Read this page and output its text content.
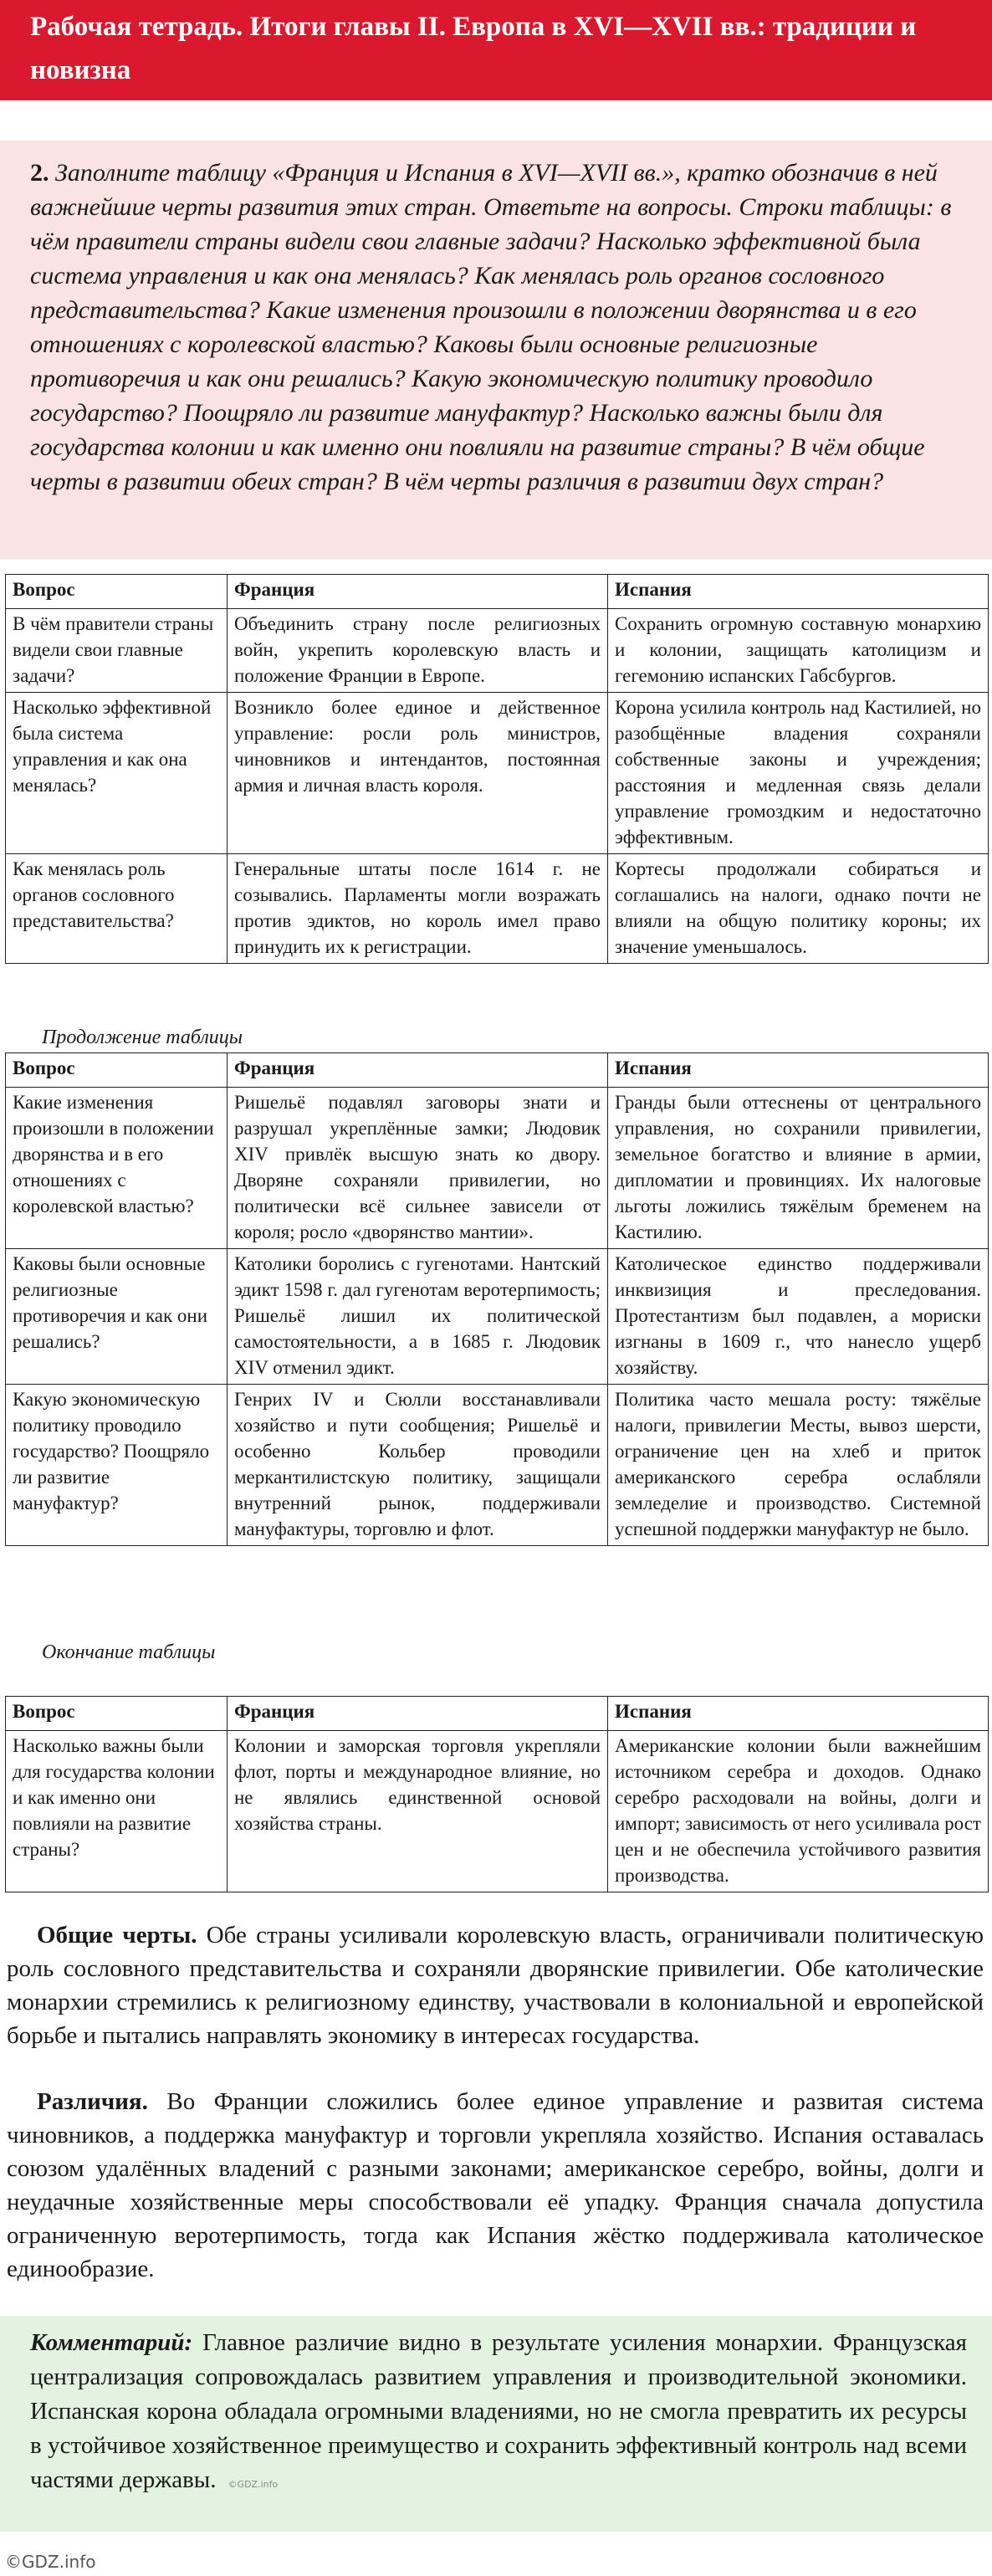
Рабочая тетрадь. Итоги главы II. Европа в XVI—XVII вв.: традиции и новизна
2. Заполните таблицу «Франция и Испания в XVI—XVII вв.», кратко обозначив в ней важнейшие черты развития этих стран. Ответьте на вопросы. Строки таблицы: в чём правители страны видели свои главные задачи? Насколько эффективной была система управления и как она менялась? Как менялась роль органов сословного представительства? Какие изменения произошли в положении дворянства и в его отношениях с королевской властью? Каковы были основные религиозные противоречия и как они решались? Какую экономическую политику проводило государство? Поощряло ли развитие мануфактур? Насколько важны были для государства колонии и как именно они повлияли на развитие страны? В чём общие черты в развитии обеих стран? В чём черты различия в развитии двух стран?
Вопрос	Франция	Испания
В чём правители страны видели свои главные задачи?	Объединить страну после религиозных войн, укрепить королевскую власть и положение Франции в Европе.	Сохранить огромную составную монархию и колонии, защищать католицизм и гегемонию испанских Габсбургов.
Насколько эффективной была система управления и как она менялась?	Возникло более единое и действенное управление: росли роль министров, чиновников и интендантов, постоянная армия и личная власть короля.	Корона усилила контроль над Кастилией, но разобщённые владения сохраняли собственные законы и учреждения; расстояния и медленная связь делали управление громоздким и недостаточно эффективным.
Как менялась роль органов сословного представительства?	Генеральные штаты после 1614 г. не созывались. Парламенты могли возражать против эдиктов, но король имел право принудить их к регистрации.	Кортесы продолжали собираться и соглашались на налоги, однако почти не влияли на общую политику короны; их значение уменьшалось.
Продолжение таблицы
Вопрос	Франция	Испания
Какие изменения произошли в положении дворянства и в его отношениях с королевской властью?	Ришельё подавлял заговоры знати и разрушал укреплённые замки; Людовик XIV привлёк высшую знать ко двору. Дворяне сохраняли привилегии, но политически всё сильнее зависели от короля; росло «дворянство мантии».	Гранды были оттеснены от центрального управления, но сохранили привилегии, земельное богатство и влияние в армии, дипломатии и провинциях. Их налоговые льготы ложились тяжёлым бременем на Кастилию.
Каковы были основные религиозные противоречия и как они решались?	Католики боролись с гугенотами. Нантский эдикт 1598 г. дал гугенотам веротерпимость; Ришельё лишил их политической самостоятельности, а в 1685 г. Людовик XIV отменил эдикт.	Католическое единство поддерживали инквизиция и преследования. Протестантизм был подавлен, а мориски изгнаны в 1609 г., что нанесло ущерб хозяйству.
Какую экономическую политику проводило государство? Поощряло ли развитие мануфактур?	Генрих IV и Сюлли восстанавливали хозяйство и пути сообщения; Ришельё и особенно Кольбер проводили меркантилистскую политику, защищали внутренний рынок, поддерживали мануфактуры, торговлю и флот.	Политика часто мешала росту: тяжёлые налоги, привилегии Месты, вывоз шерсти, ограничение цен на хлеб и приток американского серебра ослабляли земледелие и производство. Системной успешной поддержки мануфактур не было.
Окончание таблицы
Вопрос	Франция	Испания
Насколько важны были для государства колонии и как именно они повлияли на развитие страны?	Колонии и заморская торговля укрепляли флот, порты и международное влияние, но не являлись единственной основой хозяйства страны.	Американские колонии были важнейшим источником серебра и доходов. Однако серебро расходовали на войны, долги и импорт; зависимость от него усиливала рост цен и не обеспечила устойчивого развития производства.
Общие черты. Обе страны усиливали королевскую власть, ограничивали политическую роль сословного представительства и сохраняли дворянские привилегии. Обе католические монархии стремились к религиозному единству, участвовали в колониальной и европейской борьбе и пытались направлять экономику в интересах государства.
Различия. Во Франции сложились более единое управление и развитая система чиновников, а поддержка мануфактур и торговли укрепляла хозяйство. Испания оставалась союзом удалённых владений с разными законами; американское серебро, войны, долги и неудачные хозяйственные меры способствовали её упадку. Франция сначала допустила ограниченную веротерпимость, тогда как Испания жёстко поддерживала католическое единообразие.
Комментарий: Главное различие видно в результате усиления монархии. Французская централизация сопровождалась развитием управления и производительной экономики. Испанская корона обладала огромными владениями, но не смогла превратить их ресурсы в устойчивое хозяйственное преимущество и сохранить эффективный контроль над всеми частями державы. ©GDZ.info
©GDZ.info
